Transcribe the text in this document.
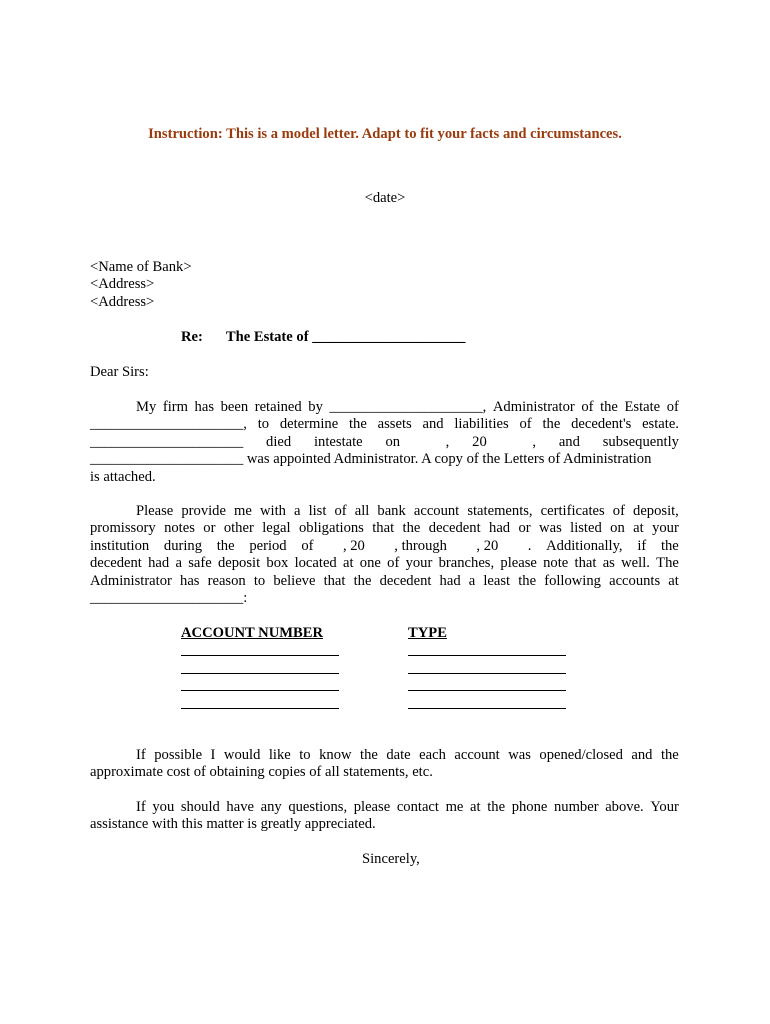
Instruction: This is a model letter. Adapt to fit your facts and circumstances.
<date>
<Name of Bank>
<Address>
<Address>
Re: The Estate of _____________________
Dear Sirs:
My firm has been retained by _____________________, Administrator of the Estate of
_____________________, to determine the assets and liabilities of the decedent's estate.
_____________________ died intestate on	, 20	, and subsequently
_____________________ was appointed Administrator. A copy of the Letters of Administration
is attached.
Please provide me with a list of all bank account statements, certificates of deposit,
promissory notes or other legal obligations that the decedent had or was listed on at your
institution during the period of , 20 , through , 20 . Additionally, if the
decedent had a safe deposit box located at one of your branches, please note that as well. The
Administrator has reason to believe that the decedent had a least the following accounts at
_____________________:
ACCOUNT NUMBER	TYPE
If possible I would like to know the date each account was opened/closed and the
approximate cost of obtaining copies of all statements, etc.
If you should have any questions, please contact me at the phone number above. Your
assistance with this matter is greatly appreciated.
Sincerely,
